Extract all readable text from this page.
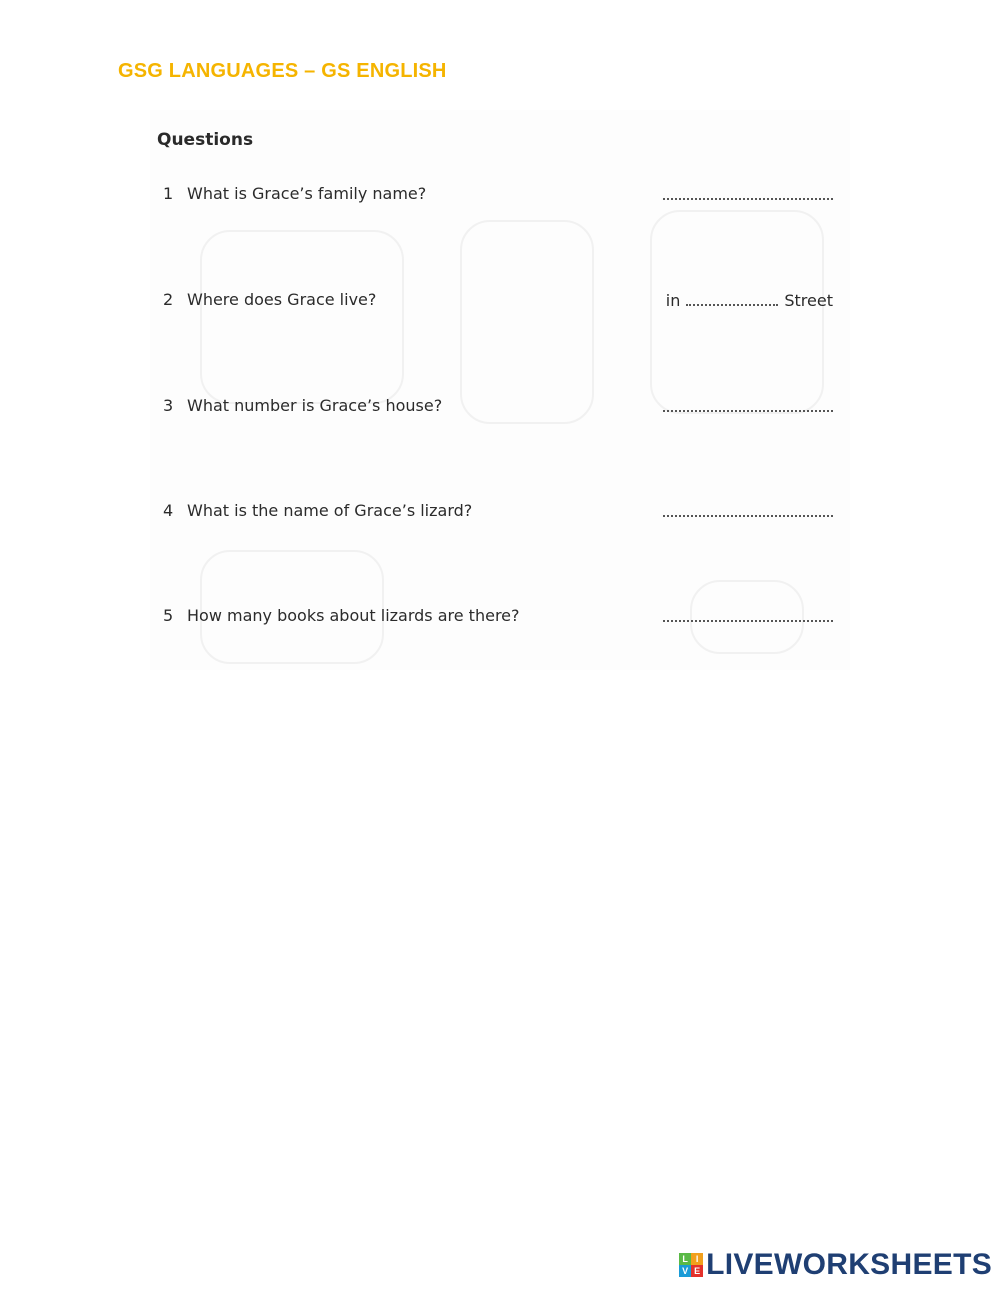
GSG LANGUAGES – GS ENGLISH
Questions
1 What is Grace’s family name?
2 Where does Grace live?	in	Street
3 What number is Grace’s house?
4 What is the name of Grace’s lizard?
5 How many books about lizards are there?
L I
V E LIVEWORKSHEETS
